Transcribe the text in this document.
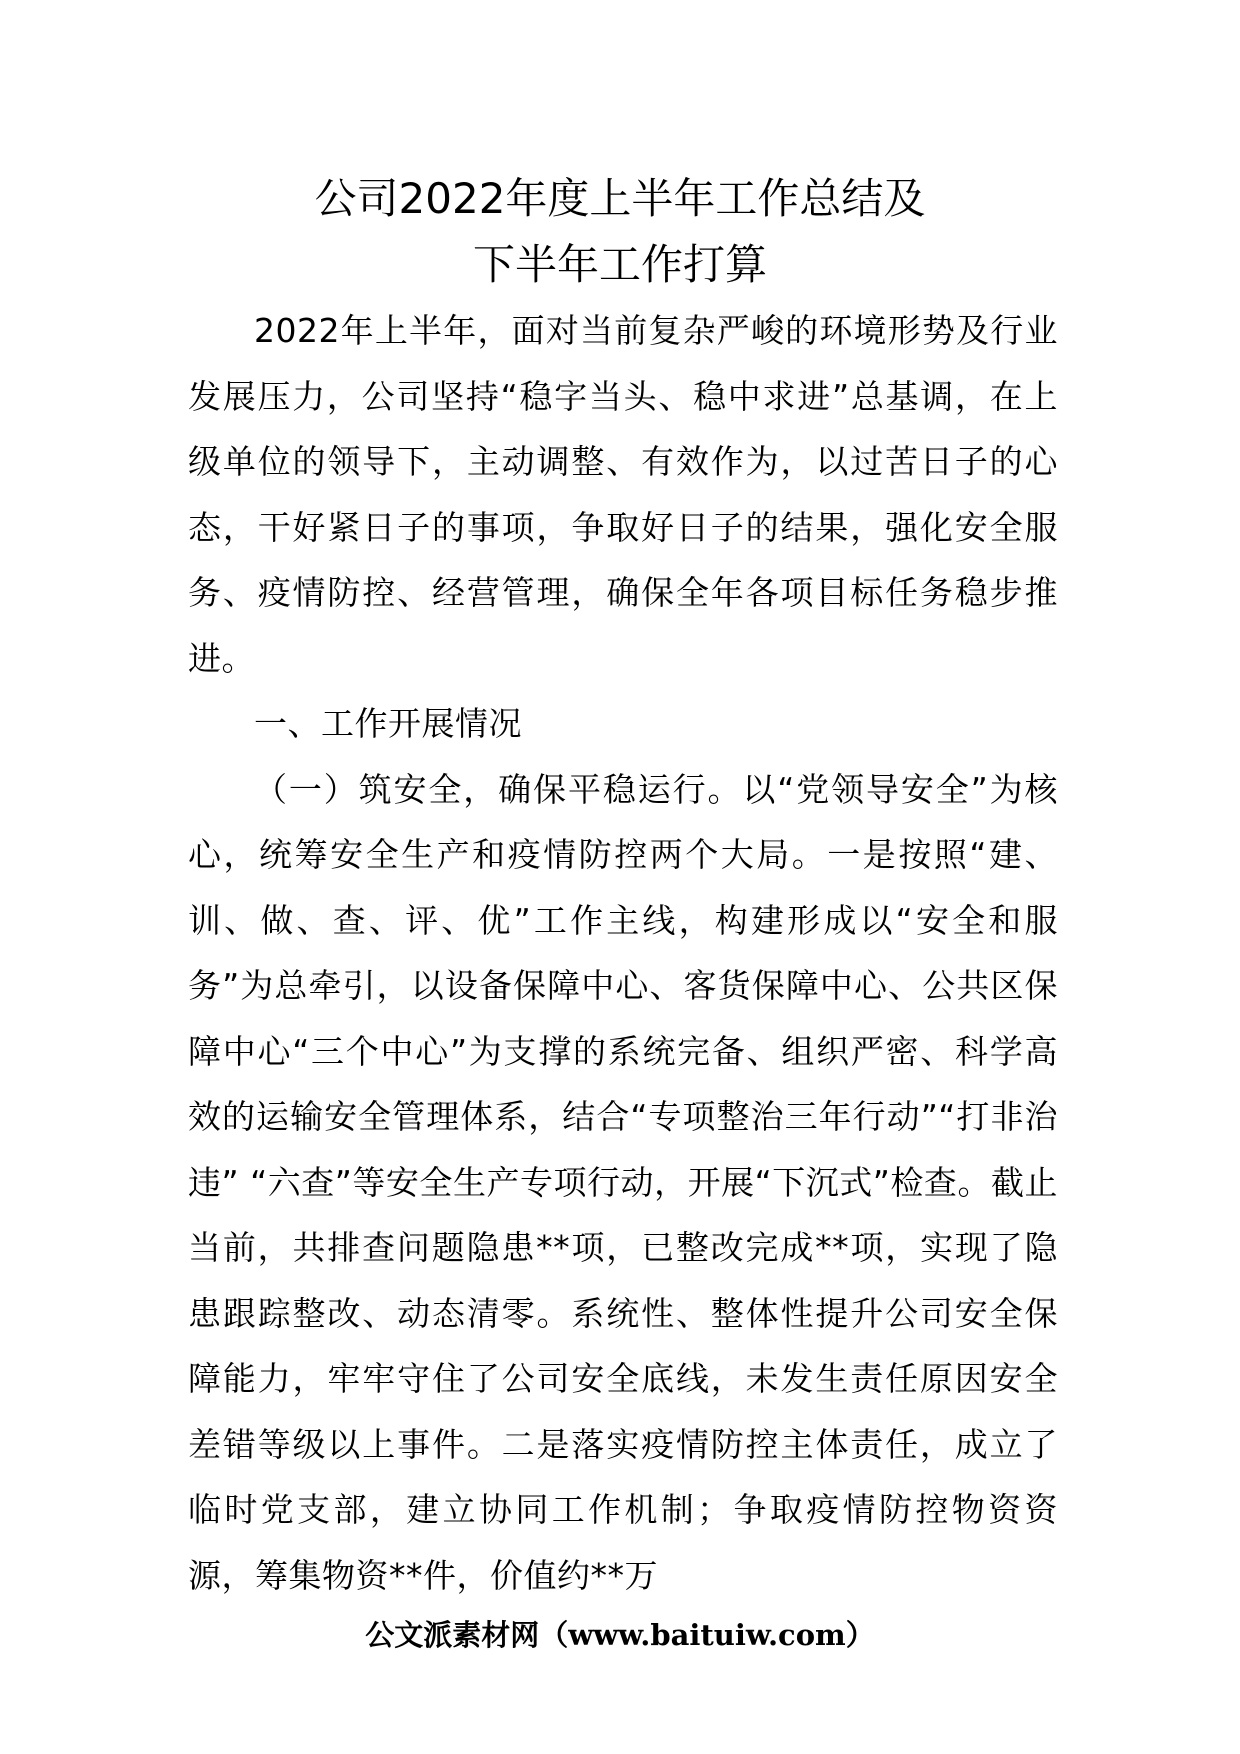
公司2022年度上半年工作总结及
下半年工作打算

2022年上半年，面对当前复杂严峻的环境形势及行业发展压力，公司坚持“稳字当头、稳中求进”总基调，在上级单位的领导下，主动调整、有效作为，以过苦日子的心态，干好紧日子的事项，争取好日子的结果，强化安全服务、疫情防控、经营管理，确保全年各项目标任务稳步推进。

一、工作开展情况

（一）筑安全，确保平稳运行。以“党领导安全”为核心，统筹安全生产和疫情防控两个大局。一是按照“建、训、做、查、评、优”工作主线，构建形成以“安全和服务”为总牵引，以设备保障中心、客货保障中心、公共区保障中心“三个中心”为支撑的系统完备、组织严密、科学高效的运输安全管理体系，结合“专项整治三年行动”“打非治违” “六查”等安全生产专项行动，开展“下沉式”检查。截止当前，共排查问题隐患**项，已整改完成**项，实现了隐患跟踪整改、动态清零。系统性、整体性提升公司安全保障能力，牢牢守住了公司安全底线，未发生责任原因安全差错等级以上事件。二是落实疫情防控主体责任，成立了临时党支部，建立协同工作机制；争取疫情防控物资资源，筹集物资**件，价值约**万

公文派素材网（www.baituiw.com）
